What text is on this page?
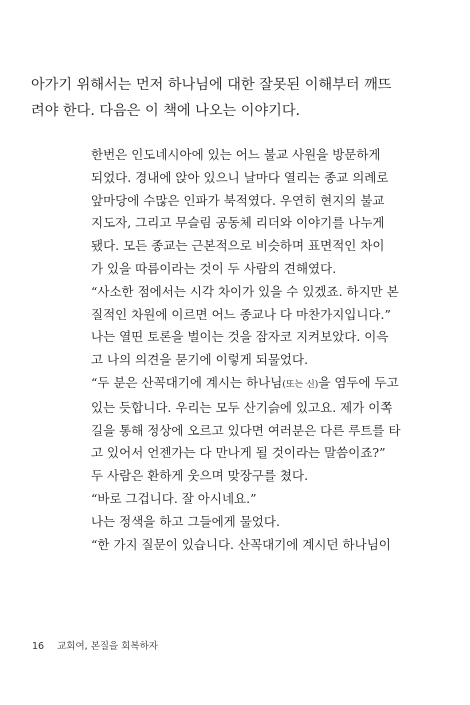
아가기 위해서는 먼저 하나님에 대한 잘못된 이해부터 깨뜨
려야 한다. 다음은 이 책에 나오는 이야기다.
한번은 인도네시아에 있는 어느 불교 사원을 방문하게
되었다. 경내에 앉아 있으니 날마다 열리는 종교 의례로
앞마당에 수많은 인파가 북적였다. 우연히 현지의 불교
지도자, 그리고 무슬림 공동체 리더와 이야기를 나누게
됐다. 모든 종교는 근본적으로 비슷하며 표면적인 차이
가 있을 따름이라는 것이 두 사람의 견해였다.
“사소한 점에서는 시각 차이가 있을 수 있겠죠. 하지만 본
질적인 차원에 이르면 어느 종교나 다 마찬가지입니다.”
나는 열띤 토론을 벌이는 것을 잠자코 지켜보았다. 이윽
고 나의 의견을 묻기에 이렇게 되물었다.
“두 분은 산꼭대기에 계시는 하나님(또는 신)을 염두에 두고
있는 듯합니다. 우리는 모두 산기슭에 있고요. 제가 이쪽
길을 통해 정상에 오르고 있다면 여러분은 다른 루트를 타
고 있어서 언젠가는 다 만나게 될 것이라는 말씀이죠?”
두 사람은 환하게 웃으며 맞장구를 쳤다.
“바로 그겁니다. 잘 아시네요.”
나는 정색을 하고 그들에게 물었다.
“한 가지 질문이 있습니다. 산꼭대기에 계시던 하나님이
16 교회여, 본질을 회복하자
